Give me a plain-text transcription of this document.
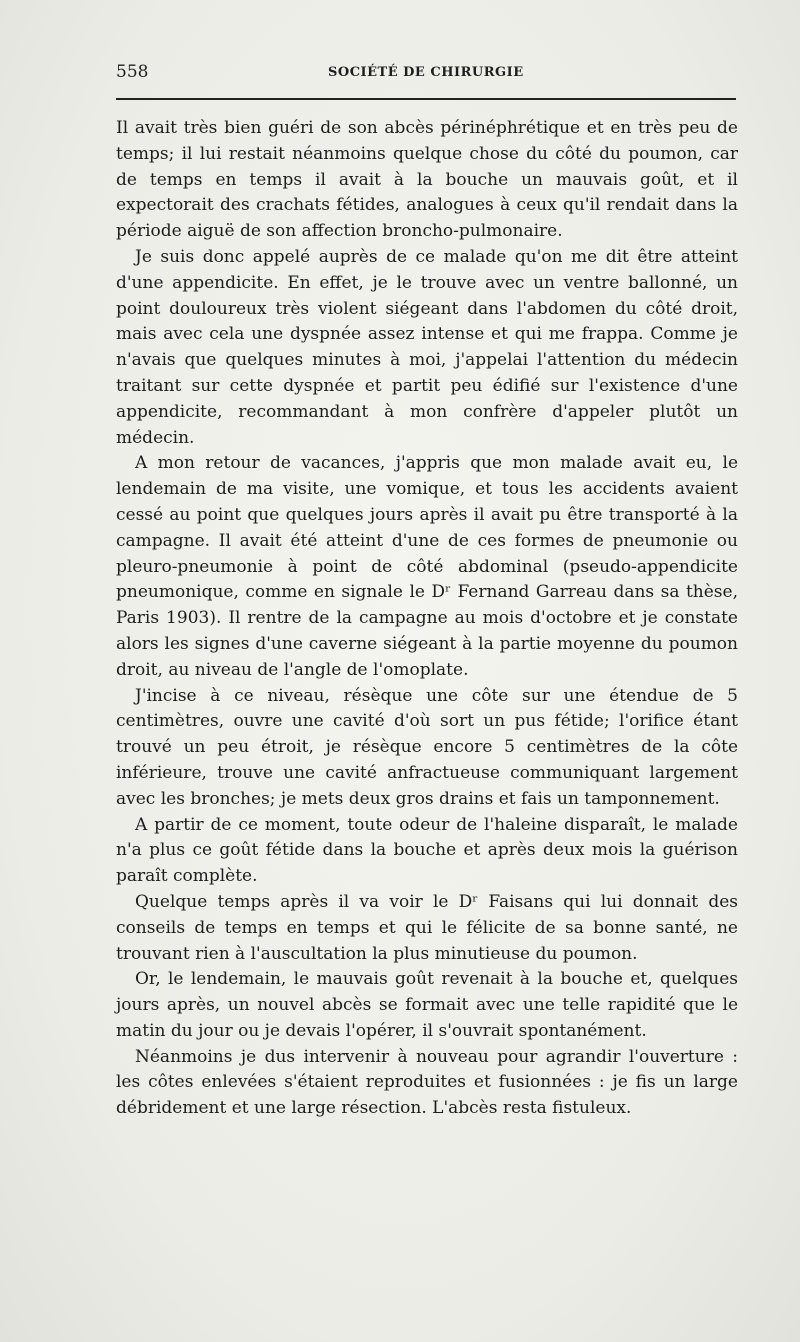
558	SOCIÉTÉ DE CHIRURGIE

Il avait très bien guéri de son abcès périnéphrétique et en très peu de temps; il lui restait néanmoins quelque chose du côté du poumon, car de temps en temps il avait à la bouche un mauvais goût, et il expectorait des crachats fétides, analogues à ceux qu'il rendait dans la période aiguë de son affection broncho-pulmonaire.

Je suis donc appelé auprès de ce malade qu'on me dit être atteint d'une appendicite. En effet, je le trouve avec un ventre ballonné, un point douloureux très violent siégeant dans l'abdomen du côté droit, mais avec cela une dyspnée assez intense et qui me frappa. Comme je n'avais que quelques minutes à moi, j'appelai l'attention du médecin traitant sur cette dyspnée et partit peu édifié sur l'existence d'une appendicite, recommandant à mon confrère d'appeler plutôt un médecin.

A mon retour de vacances, j'appris que mon malade avait eu, le lendemain de ma visite, une vomique, et tous les accidents avaient cessé au point que quelques jours après il avait pu être transporté à la campagne. Il avait été atteint d'une de ces formes de pneumonie ou pleuro-pneumonie à point de côté abdominal (pseudo-appendicite pneumonique, comme en signale le Dʳ Fernand Garreau dans sa thèse, Paris 1903). Il rentre de la campagne au mois d'octobre et je constate alors les signes d'une caverne siégeant à la partie moyenne du poumon droit, au niveau de l'angle de l'omoplate.

J'incise à ce niveau, résèque une côte sur une étendue de 5 centimètres, ouvre une cavité d'où sort un pus fétide; l'orifice étant trouvé un peu étroit, je résèque encore 5 centimètres de la côte inférieure, trouve une cavité anfractueuse communiquant largement avec les bronches; je mets deux gros drains et fais un tamponnement.

A partir de ce moment, toute odeur de l'haleine disparaît, le malade n'a plus ce goût fétide dans la bouche et après deux mois la guérison paraît complète.

Quelque temps après il va voir le Dʳ Faisans qui lui donnait des conseils de temps en temps et qui le félicite de sa bonne santé, ne trouvant rien à l'auscultation la plus minutieuse du poumon.

Or, le lendemain, le mauvais goût revenait à la bouche et, quelques jours après, un nouvel abcès se formait avec une telle rapidité que le matin du jour ou je devais l'opérer, il s'ouvrait spontanément.

Néanmoins je dus intervenir à nouveau pour agrandir l'ouverture : les côtes enlevées s'étaient reproduites et fusionnées : je fis un large débridement et une large résection. L'abcès resta fistuleux.
